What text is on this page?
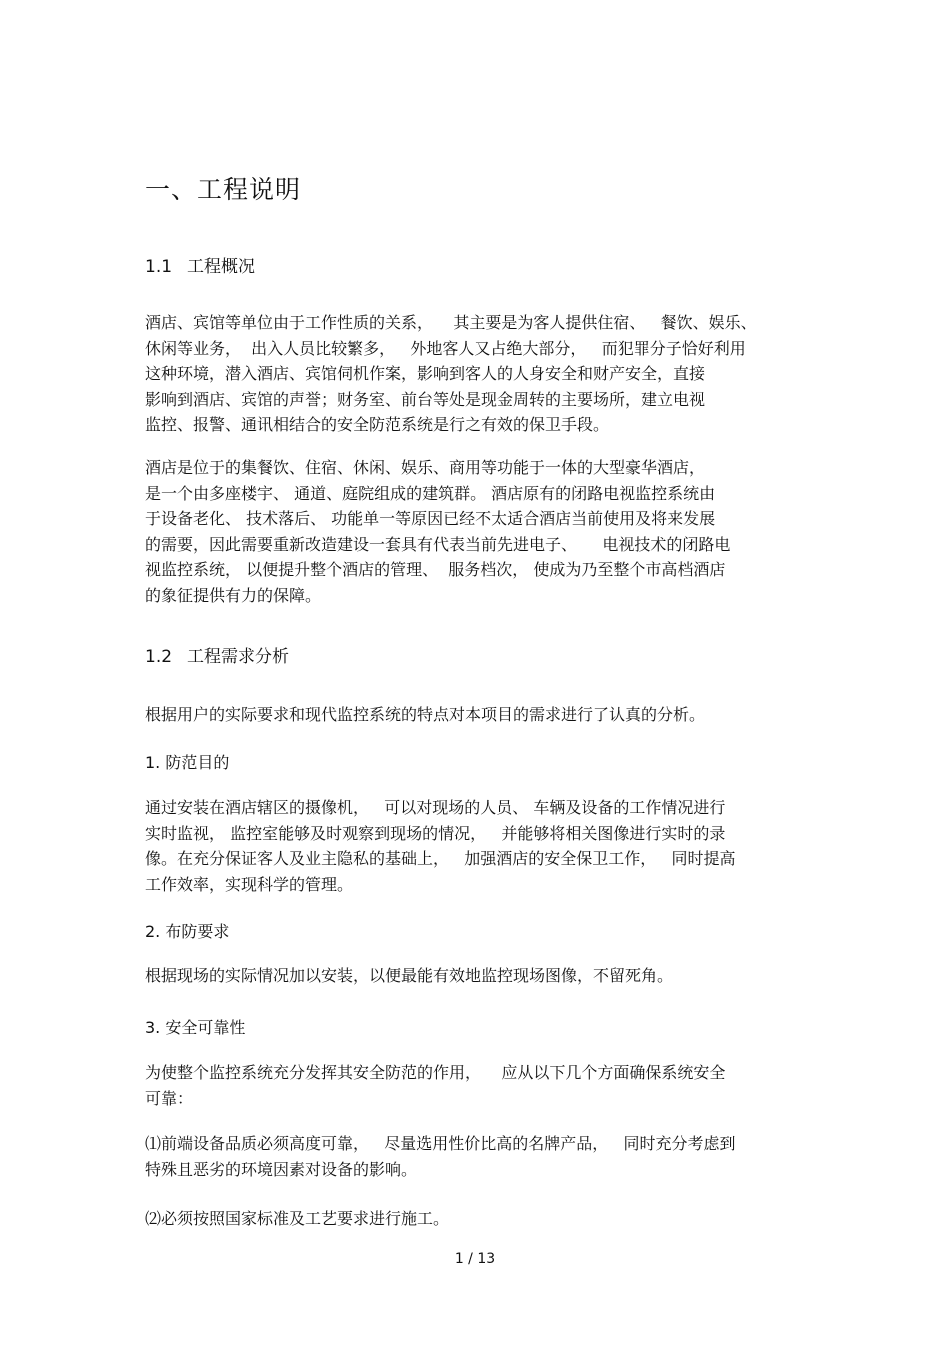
一、工程说明
1.1 工程概况
酒店、宾馆等单位由于工作性质的关系，    其主要是为客人提供住宿、   餐饮、娱乐、
休闲等业务，  出入人员比较繁多，   外地客人又占绝大部分，   而犯罪分子恰好利用
这种环境，潜入酒店、宾馆伺机作案，影响到客人的人身安全和财产安全，直接
影响到酒店、宾馆的声誉；财务室、前台等处是现金周转的主要场所，建立电视
监控、报警、通讯相结合的安全防范系统是行之有效的保卫手段。
酒店是位于的集餐饮、住宿、休闲、娱乐、商用等功能于一体的大型豪华酒店，
是一个由多座楼宇、 通道、庭院组成的建筑群。 酒店原有的闭路电视监控系统由
于设备老化、 技术落后、 功能单一等原因已经不太适合酒店当前使用及将来发展
的需要，因此需要重新改造建设一套具有代表当前先进电子、     电视技术的闭路电
视监控系统， 以便提升整个酒店的管理、  服务档次， 使成为乃至整个市高档酒店
的象征提供有力的保障。
1.2 工程需求分析
根据用户的实际要求和现代监控系统的特点对本项目的需求进行了认真的分析。
1. 防范目的
通过安装在酒店辖区的摄像机，   可以对现场的人员、 车辆及设备的工作情况进行
实时监视， 监控室能够及时观察到现场的情况，   并能够将相关图像进行实时的录
像。在充分保证客人及业主隐私的基础上，   加强酒店的安全保卫工作，   同时提高
工作效率，实现科学的管理。
2. 布防要求
根据现场的实际情况加以安装，以便最能有效地监控现场图像，不留死角。
3. 安全可靠性
为使整个监控系统充分发挥其安全防范的作用，    应从以下几个方面确保系统安全
可靠：
⑴前端设备品质必须高度可靠，   尽量选用性价比高的名牌产品，   同时充分考虑到
特殊且恶劣的环境因素对设备的影响。
⑵必须按照国家标准及工艺要求进行施工。
1 / 13
